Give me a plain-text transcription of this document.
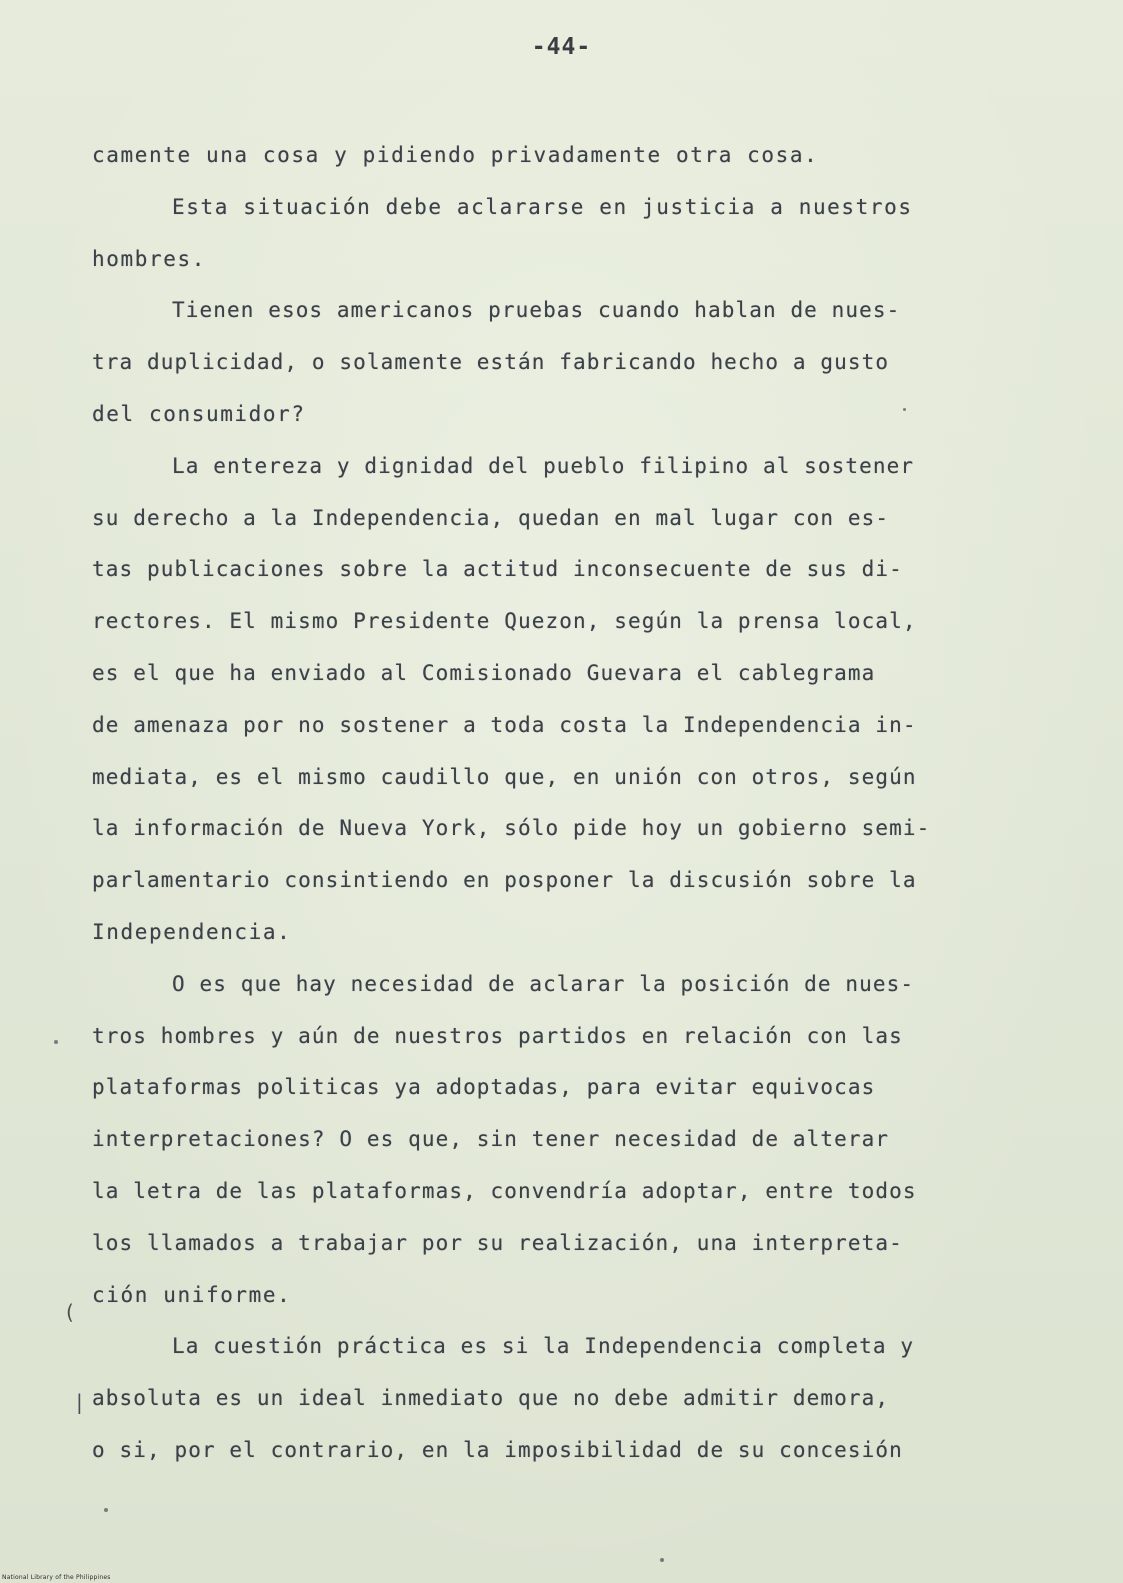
-44-
camente una cosa y pidiendo privadamente otra cosa.
Esta situación debe aclararse en justicia a nuestros
hombres.
Tienen esos americanos pruebas cuando hablan de nues-
tra duplicidad, o solamente están fabricando hecho a gusto
del consumidor?
La entereza y dignidad del pueblo filipino al sostener
su derecho a la Independencia, quedan en mal lugar con es-
tas publicaciones sobre la actitud inconsecuente de sus di-
rectores. El mismo Presidente Quezon, según la prensa local,
es el que ha enviado al Comisionado Guevara el cablegrama
de amenaza por no sostener a toda costa la Independencia in-
mediata, es el mismo caudillo que, en unión con otros, según
la información de Nueva York, sólo pide hoy un gobierno semi-
parlamentario consintiendo en posponer la discusión sobre la
Independencia.
O es que hay necesidad de aclarar la posición de nues-
tros hombres y aún de nuestros partidos en relación con las
plataformas politicas ya adoptadas, para evitar equivocas
interpretaciones? O es que, sin tener necesidad de alterar
la letra de las plataformas, convendría adoptar, entre todos
los llamados a trabajar por su realización, una interpreta-
ción uniforme.
La cuestión práctica es si la Independencia completa y
absoluta es un ideal inmediato que no debe admitir demora,
o si, por el contrario, en la imposibilidad de su concesión
(
|
National Library of the Philippines
